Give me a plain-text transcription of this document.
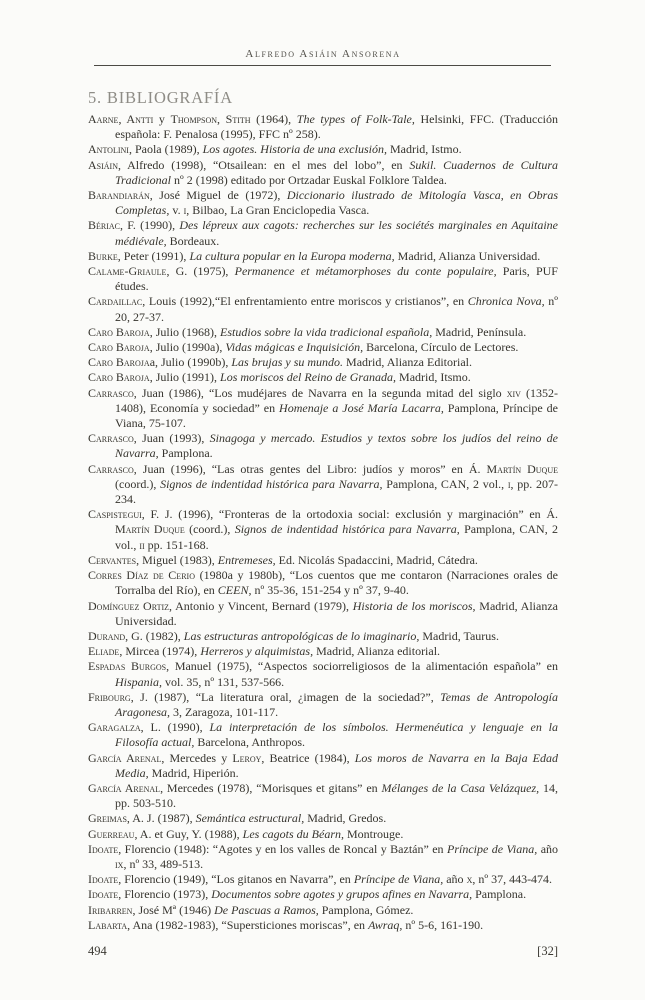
Alfredo Asiáin Ansorena
5. BIBLIOGRAFÍA

Aarne, Antti y Thompson, Stith (1964), The types of Folk-Tale, Helsinki, FFC. (Traducción española: F. Penalosa (1995), FFC nº 258).

Antolini, Paola (1989), Los agotes. Historia de una exclusión, Madrid, Istmo.

Asiáin, Alfredo (1998), “Otsailean: en el mes del lobo”, en Sukil. Cuadernos de Cultura Tradicional nº 2 (1998) editado por Ortzadar Euskal Folklore Taldea.

Barandiarán, José Miguel de (1972), Diccionario ilustrado de Mitología Vasca, en Obras Completas, v. i, Bilbao, La Gran Enciclopedia Vasca.

Bériac, F. (1990), Des lépreux aux cagots: recherches sur les sociétés marginales en Aquitaine médiévale, Bordeaux.

Burke, Peter (1991), La cultura popular en la Europa moderna, Madrid, Alianza Universidad.

Calame-Griaule, G. (1975), Permanence et métamorphoses du conte populaire, Paris, PUF études.

Cardaillac, Louis (1992),“El enfrentamiento entre moriscos y cristianos”, en Chronica Nova, nº 20, 27-37.

Caro Baroja, Julio (1968), Estudios sobre la vida tradicional española, Madrid, Península.

Caro Baroja, Julio (1990a), Vidas mágicas e Inquisición, Barcelona, Círculo de Lectores.

Caro Barojaa, Julio (1990b), Las brujas y su mundo. Madrid, Alianza Editorial.

Caro Baroja, Julio (1991), Los moriscos del Reino de Granada, Madrid, Itsmo.

Carrasco, Juan (1986), “Los mudéjares de Navarra en la segunda mitad del siglo xiv (1352-1408), Economía y sociedad” en Homenaje a José María Lacarra, Pamplona, Príncipe de Viana, 75-107.

Carrasco, Juan (1993), Sinagoga y mercado. Estudios y textos sobre los judíos del reino de Navarra, Pamplona.

Carrasco, Juan (1996), “Las otras gentes del Libro: judíos y moros” en Á. Martín Duque (coord.), Signos de indentidad histórica para Navarra, Pamplona, CAN, 2 vol., i, pp. 207-234.

Caspistegui, F. J. (1996), “Fronteras de la ortodoxia social: exclusión y marginación” en Á. Martín Duque (coord.), Signos de indentidad histórica para Navarra, Pamplona, CAN, 2 vol., ii pp. 151-168.

Cervantes, Miguel (1983), Entremeses, Ed. Nicolás Spadaccini, Madrid, Cátedra.

Corres Díaz de Cerio (1980a y 1980b), “Los cuentos que me contaron (Narraciones orales de Torralba del Río), en CEEN, nº 35-36, 151-254 y nº 37, 9-40.

Domínguez Ortiz, Antonio y Vincent, Bernard (1979), Historia de los moriscos, Madrid, Alianza Universidad.

Durand, G. (1982), Las estructuras antropológicas de lo imaginario, Madrid, Taurus.

Eliade, Mircea (1974), Herreros y alquimistas, Madrid, Alianza editorial.

Espadas Burgos, Manuel (1975), “Aspectos sociorreligiosos de la alimentación española” en Hispania, vol. 35, nº 131, 537-566.

Fribourg, J. (1987), “La literatura oral, ¿imagen de la sociedad?”, Temas de Antropología Aragonesa, 3, Zaragoza, 101-117.

Garagalza, L. (1990), La interpretación de los símbolos. Hermenéutica y lenguaje en la Filosofía actual, Barcelona, Anthropos.

García Arenal, Mercedes y Leroy, Beatrice (1984), Los moros de Navarra en la Baja Edad Media, Madrid, Hiperión.

García Arenal, Mercedes (1978), “Morisques et gitans” en Mélanges de la Casa Velázquez, 14, pp. 503-510.

Greimas, A. J. (1987), Semántica estructural, Madrid, Gredos.

Guerreau, A. et Guy, Y. (1988), Les cagots du Béarn, Montrouge.

Idoate, Florencio (1948): “Agotes y en los valles de Roncal y Baztán” en Príncipe de Viana, año ix, nº 33, 489-513.

Idoate, Florencio (1949), “Los gitanos en Navarra”, en Príncipe de Viana, año x, nº 37, 443-474.

Idoate, Florencio (1973), Documentos sobre agotes y grupos afines en Navarra, Pamplona.

Iribarren, José Mª (1946) De Pascuas a Ramos, Pamplona, Gómez.

Labarta, Ana (1982-1983), “Supersticiones moriscas”, en Awraq, nº 5-6, 161-190.

494	[32]
